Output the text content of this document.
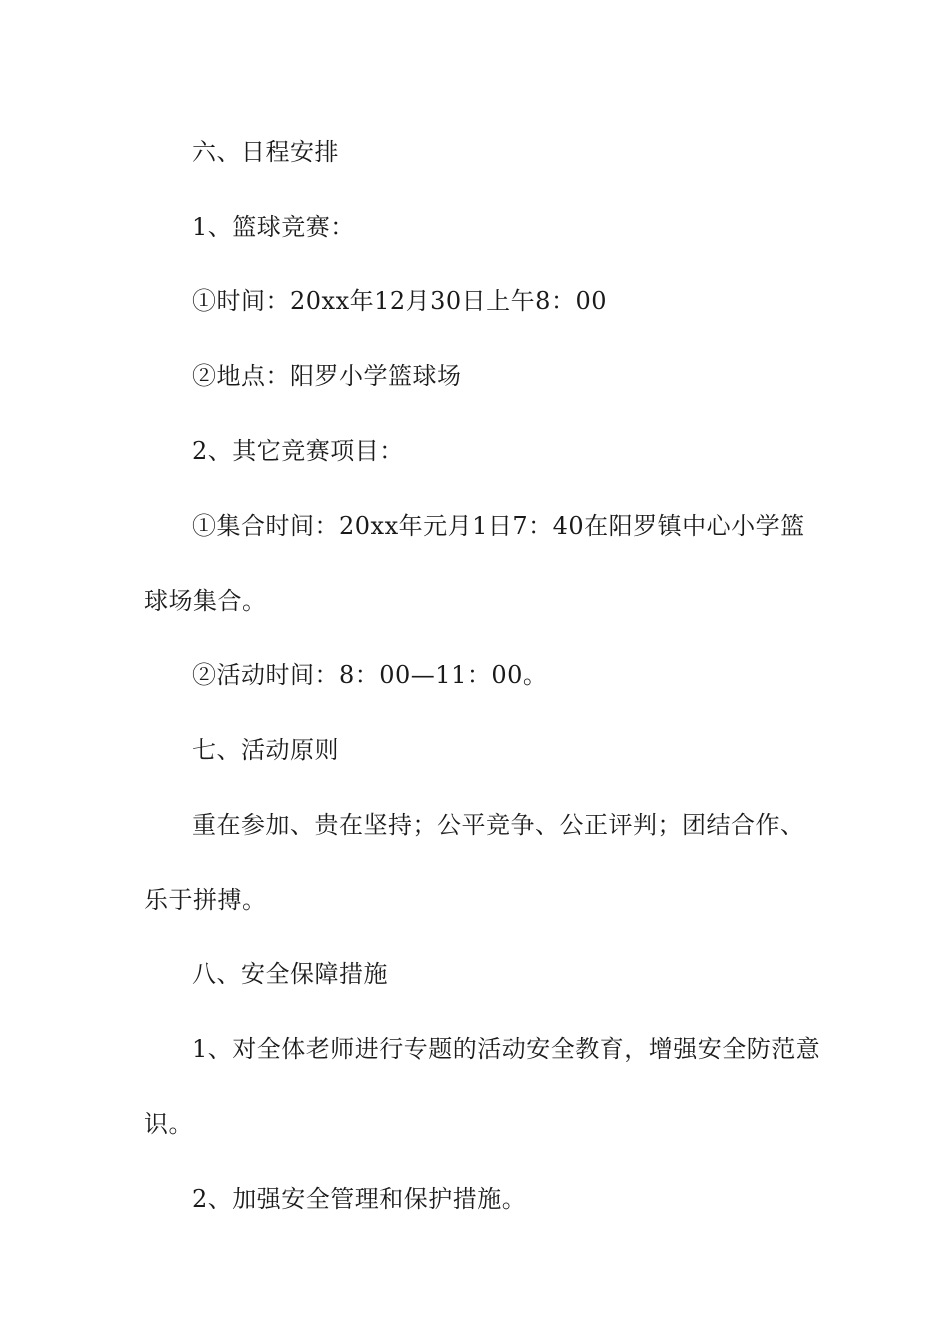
六、日程安排
1、篮球竞赛：
①时间：20xx年12月30日上午8：00
②地点：阳罗小学篮球场
2、其它竞赛项目：
①集合时间：20xx年元月1日7：40在阳罗镇中心小学篮
球场集合。
②活动时间：8：00—11：00。
七、活动原则
重在参加、贵在坚持；公平竞争、公正评判；团结合作、
乐于拼搏。
八、安全保障措施
1、对全体老师进行专题的活动安全教育，增强安全防范意
识。
2、加强安全管理和保护措施。
